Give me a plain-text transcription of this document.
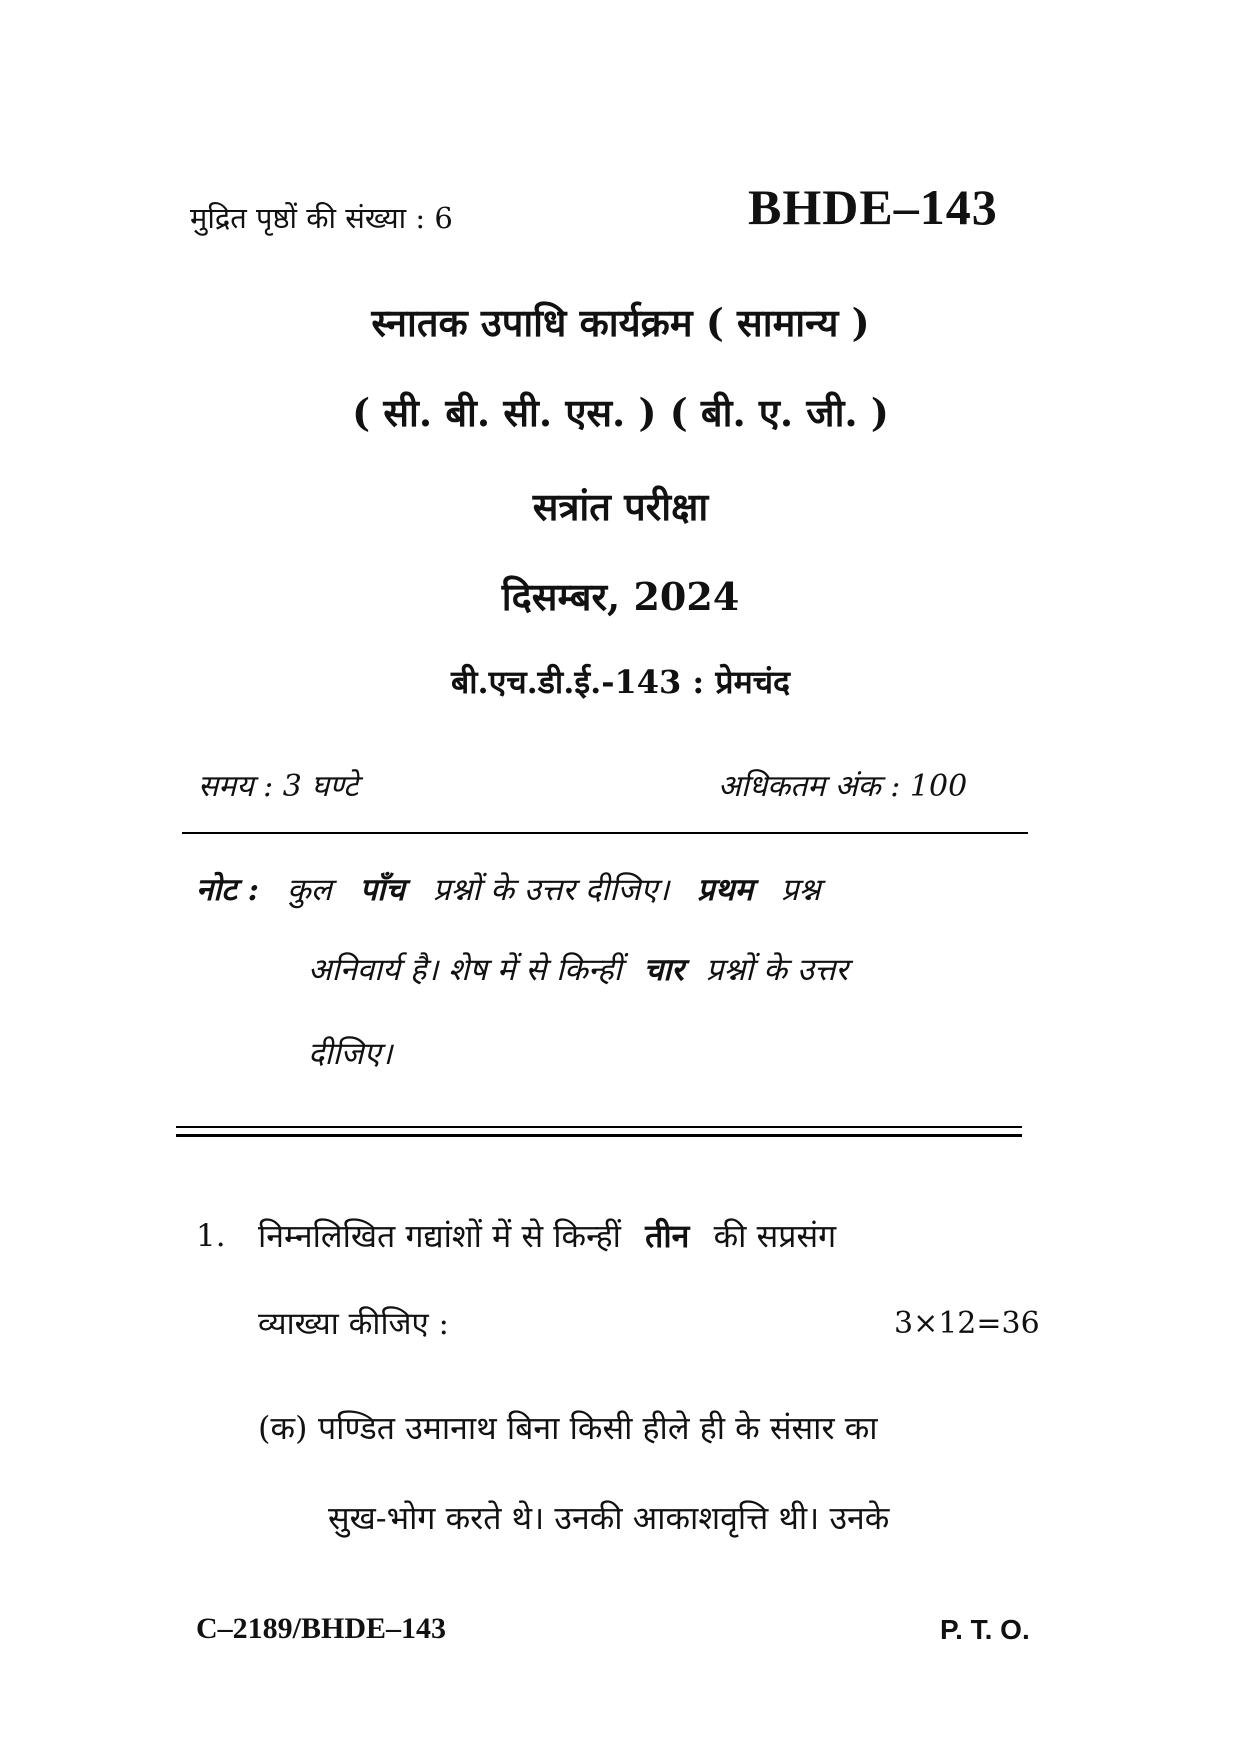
मुद्रित पृष्ठों की संख्या : 6	BHDE–143
स्नातक उपाधि कार्यक्रम ( सामान्य )
( सी. बी. सी. एस. ) ( बी. ए. जी. )
सत्रांत परीक्षा
दिसम्बर, 2024
बी.एच.डी.ई.-143 : प्रेमचंद
समय : 3 घण्टे	अधिकतम अंक : 100
नोट : कुल पाँच प्रश्नों के उत्तर दीजिए। प्रथम प्रश्न
अनिवार्य है। शेष में से किन्हीं चार प्रश्नों के उत्तर
दीजिए।
1. निम्नलिखित गद्यांशों में से किन्हीं तीन की सप्रसंग
व्याख्या कीजिए :	3×12=36
(क) पण्डित उमानाथ बिना किसी हीले ही के संसार का
सुख-भोग करते थे। उनकी आकाशवृत्ति थी। उनके
C–2189/BHDE–143	P. T. O.
